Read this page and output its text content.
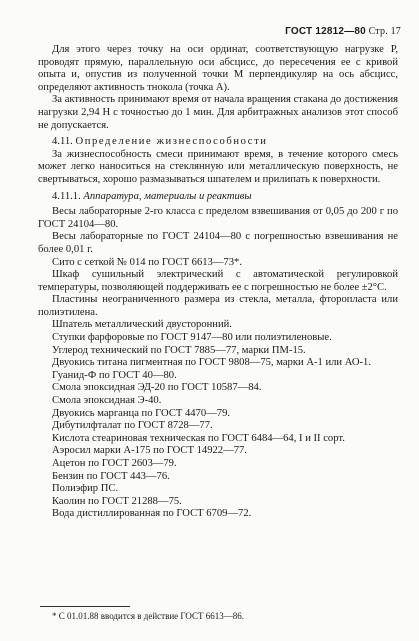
ГОСТ 12812—80 Стр. 17

Для этого через точку на оси ординат, соответствующую нагрузке Р, проводят прямую, параллельную оси абсцисс, до пересечения ее с кривой опыта и, опустив из полученной точки М перпендикуляр на ось абсцисс, определяют активность тнокола (точка А).

За активность принимают время от начала вращения стакана до достижения нагрузки 2,94 Н с точностью до 1 мин. Для арбитражных анализов этот способ не допускается.

4.11. Определение жизнеспособности

За жизнеспособность смеси принимают время, в течение которого смесь может легко наноситься на стеклянную или металлическую поверхность, не свертываться, хорошо размазываться шпателем и прилипать к поверхности.

4.11.1. Аппаратура, материалы и реактивы

Весы лабораторные 2-го класса с пределом взвешивания от 0,05 до 200 г по ГОСТ 24104—80.

Весы лабораторные по ГОСТ 24104—80 с погрешностью взвешивания не более 0,01 г.

Сито с сеткой № 014 по ГОСТ 6613—73*.

Шкаф сушильный электрический с автоматической регулировкой температуры, позволяющей поддерживать ее с погрешностью не более ±2°С.

Пластины неограниченного размера из стекла, металла, фторопласта или полиэтилена.

Шпатель металлический двусторонний.

Ступки фарфоровые по ГОСТ 9147—80 или полиэтиленовые.

Углерод технический по ГОСТ 7885—77, марки ПМ-15.

Двуокись титана пигментная по ГОСТ 9808—75, марки А-1 или АО-1.

Гуанид-Ф по ГОСТ 40—80.

Смола эпоксидная ЭД-20 по ГОСТ 10587—84.

Смола эпоксидная Э-40.

Двуокись марганца по ГОСТ 4470—79.

Дибутилфталат по ГОСТ 8728—77.

Кислота стеариновая техническая по ГОСТ 6484—64, I и II сорт.

Аэросил марки А-175 по ГОСТ 14922—77.

Ацетон по ГОСТ 2603—79.

Бензин по ГОСТ 443—76.

Полиэфир ПС.

Каолин по ГОСТ 21288—75.

Вода дистиллированная по ГОСТ 6709—72.

* С 01.01.88 вводится в действие ГОСТ 6613—86.
